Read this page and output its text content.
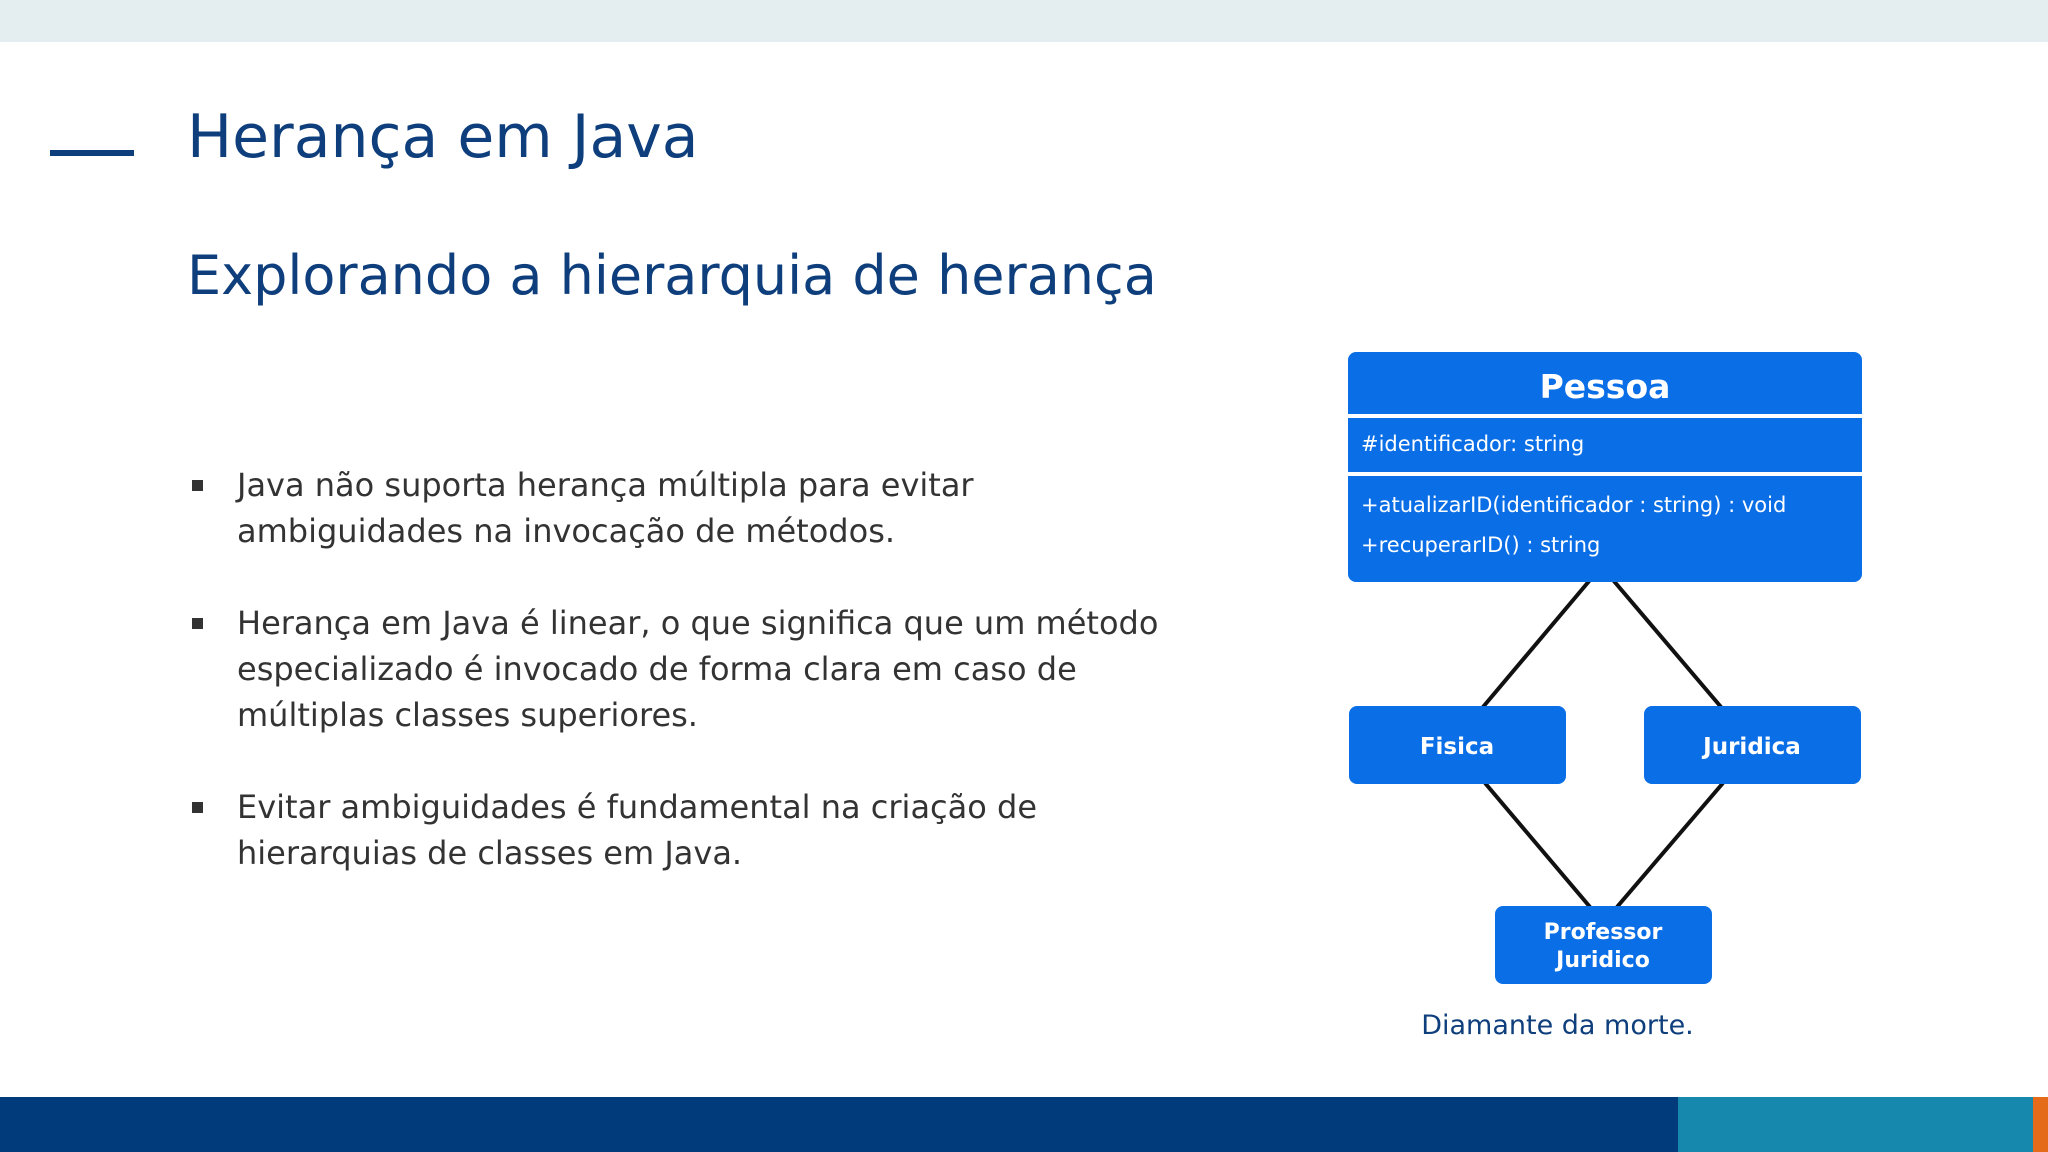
Herança em Java
Explorando a hierarquia de herança
Java não suporta herança múltipla para evitar ambiguidades na invocação de métodos.
Herança em Java é linear, o que significa que um método especializado é invocado de forma clara em caso de múltiplas classes superiores.
Evitar ambiguidades é fundamental na criação de hierarquias de classes em Java.
Pessoa
#identificador: string
+atualizarID(identificador : string) : void
+recuperarID() : string
Fisica	Juridica
Professor
Juridico
Diamante da morte.
